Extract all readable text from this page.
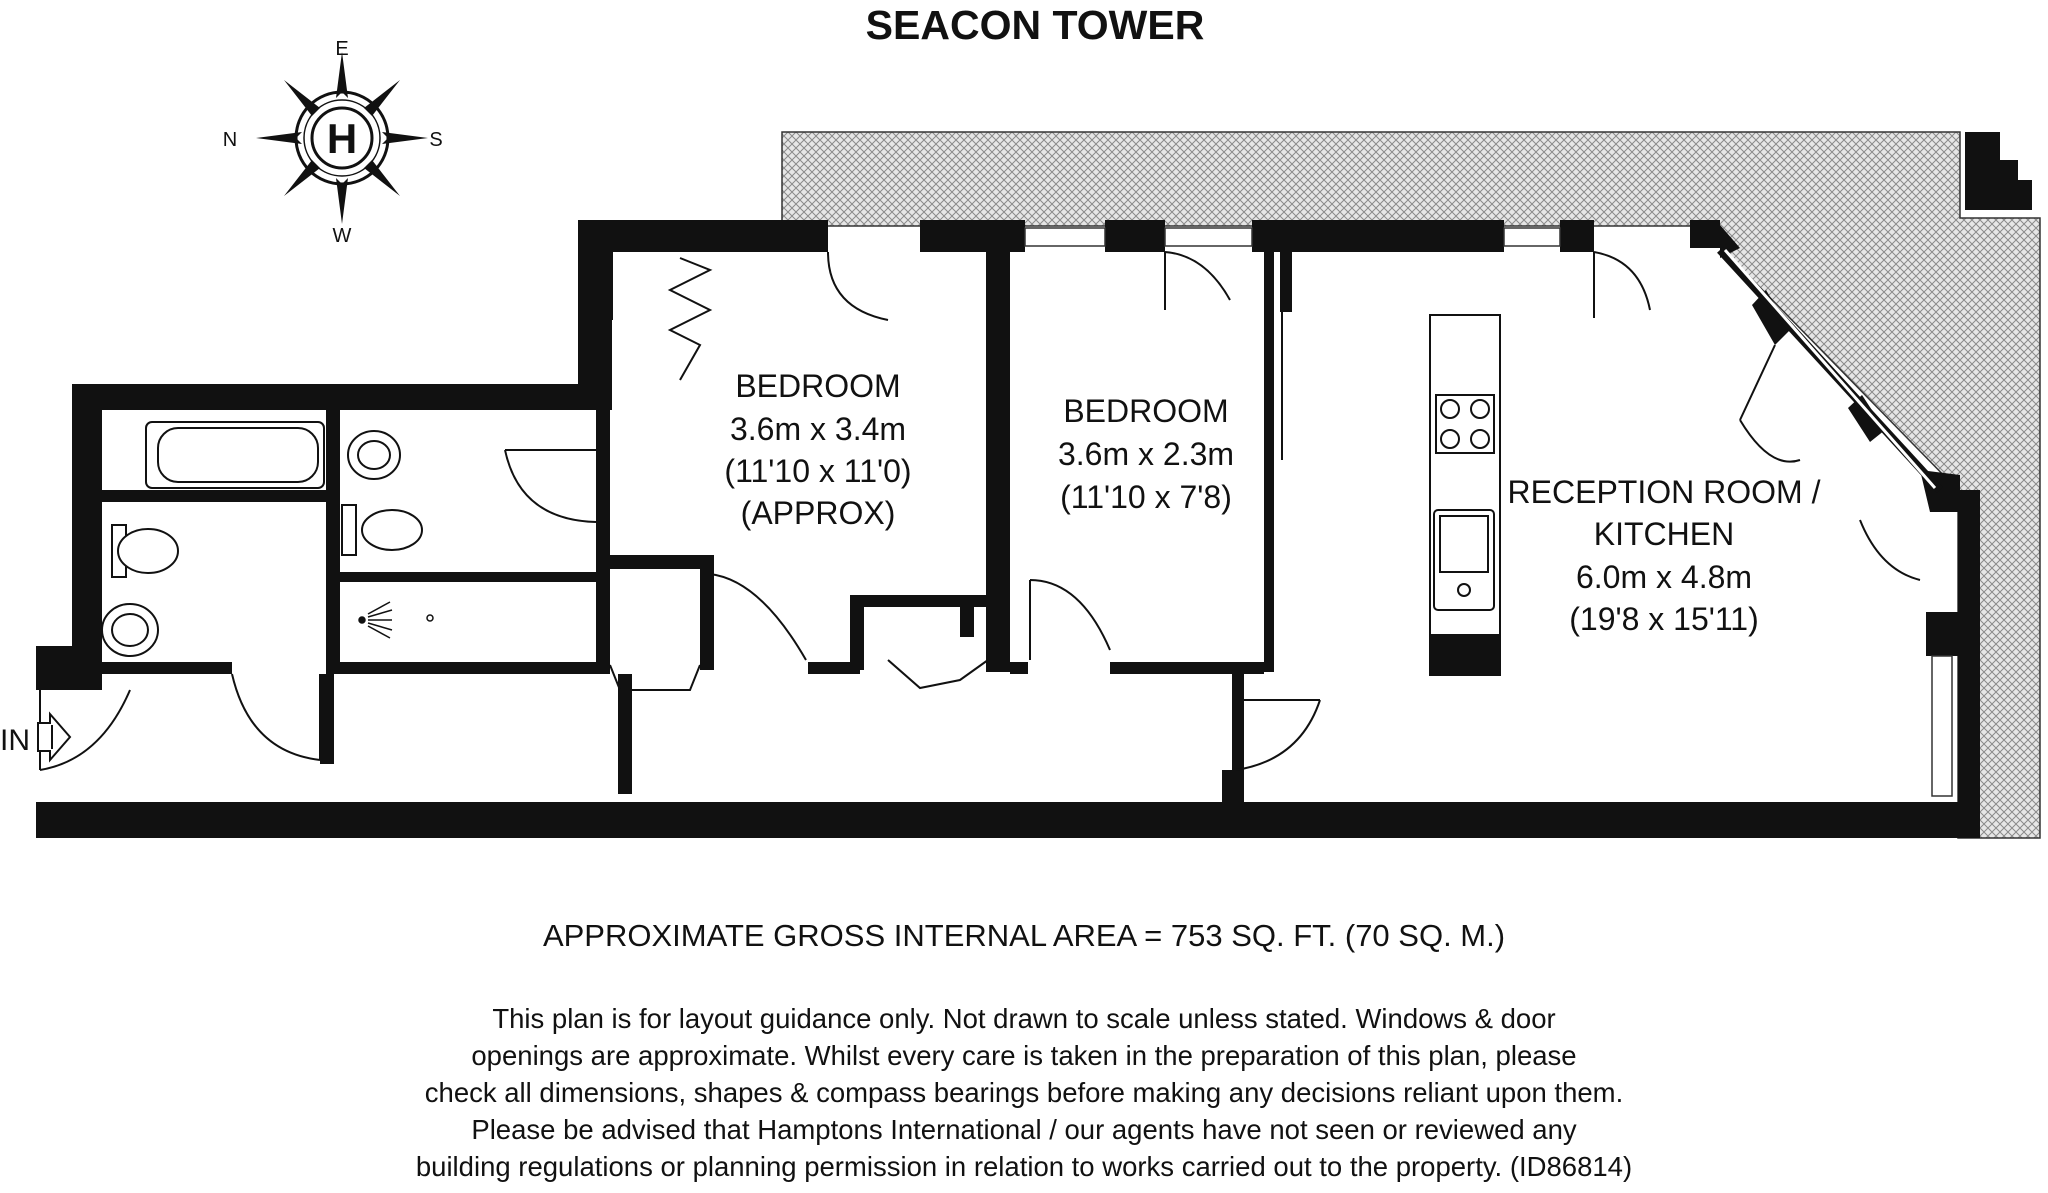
SEACON TOWER
IN
H
E
W
N	S
BEDROOM
3.6m x 3.4m
(11'10 x 11'0)
(APPROX)
BEDROOM
3.6m x 2.3m
(11'10 x 7'8)	RECEPTION ROOM /
KITCHEN
6.0m x 4.8m
(19'8 x 15'11)
APPROXIMATE GROSS INTERNAL AREA = 753 SQ. FT. (70 SQ. M.)
This plan is for layout guidance only. Not drawn to scale unless stated. Windows & door
openings are approximate. Whilst every care is taken in the preparation of this plan, please
check all dimensions, shapes & compass bearings before making any decisions reliant upon them.
Please be advised that Hamptons International / our agents have not seen or reviewed any
building regulations or planning permission in relation to works carried out to the property. (ID86814)
